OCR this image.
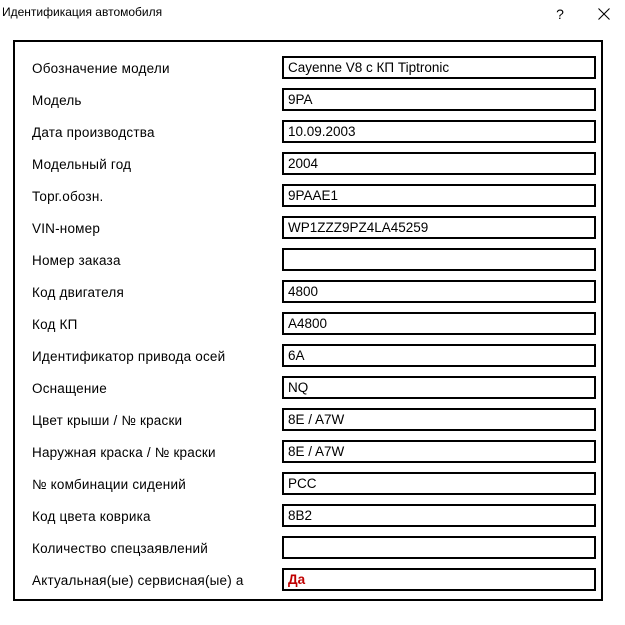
Идентификация автомобиля	?
Обозначение модели	Cayenne V8 с КП Tiptronic
Модель	9PA
Дата производства	10.09.2003
Модельный год	2004
Торг.обозн.	9PAAE1
VIN-номер	WP1ZZZ9PZ4LA45259
Номер заказа
Код двигателя	4800
Код КП	A4800
Идентификатор привода осей	6A
Оснащение	NQ
Цвет крыши / № краски	8E / A7W
Наружная краска / № краски	8E / A7W
№ комбинации сидений	PCC
Код цвета коврика	8B2
Количество спецзаявлений
Актуальная(ые) сервисная(ые) а	Да
